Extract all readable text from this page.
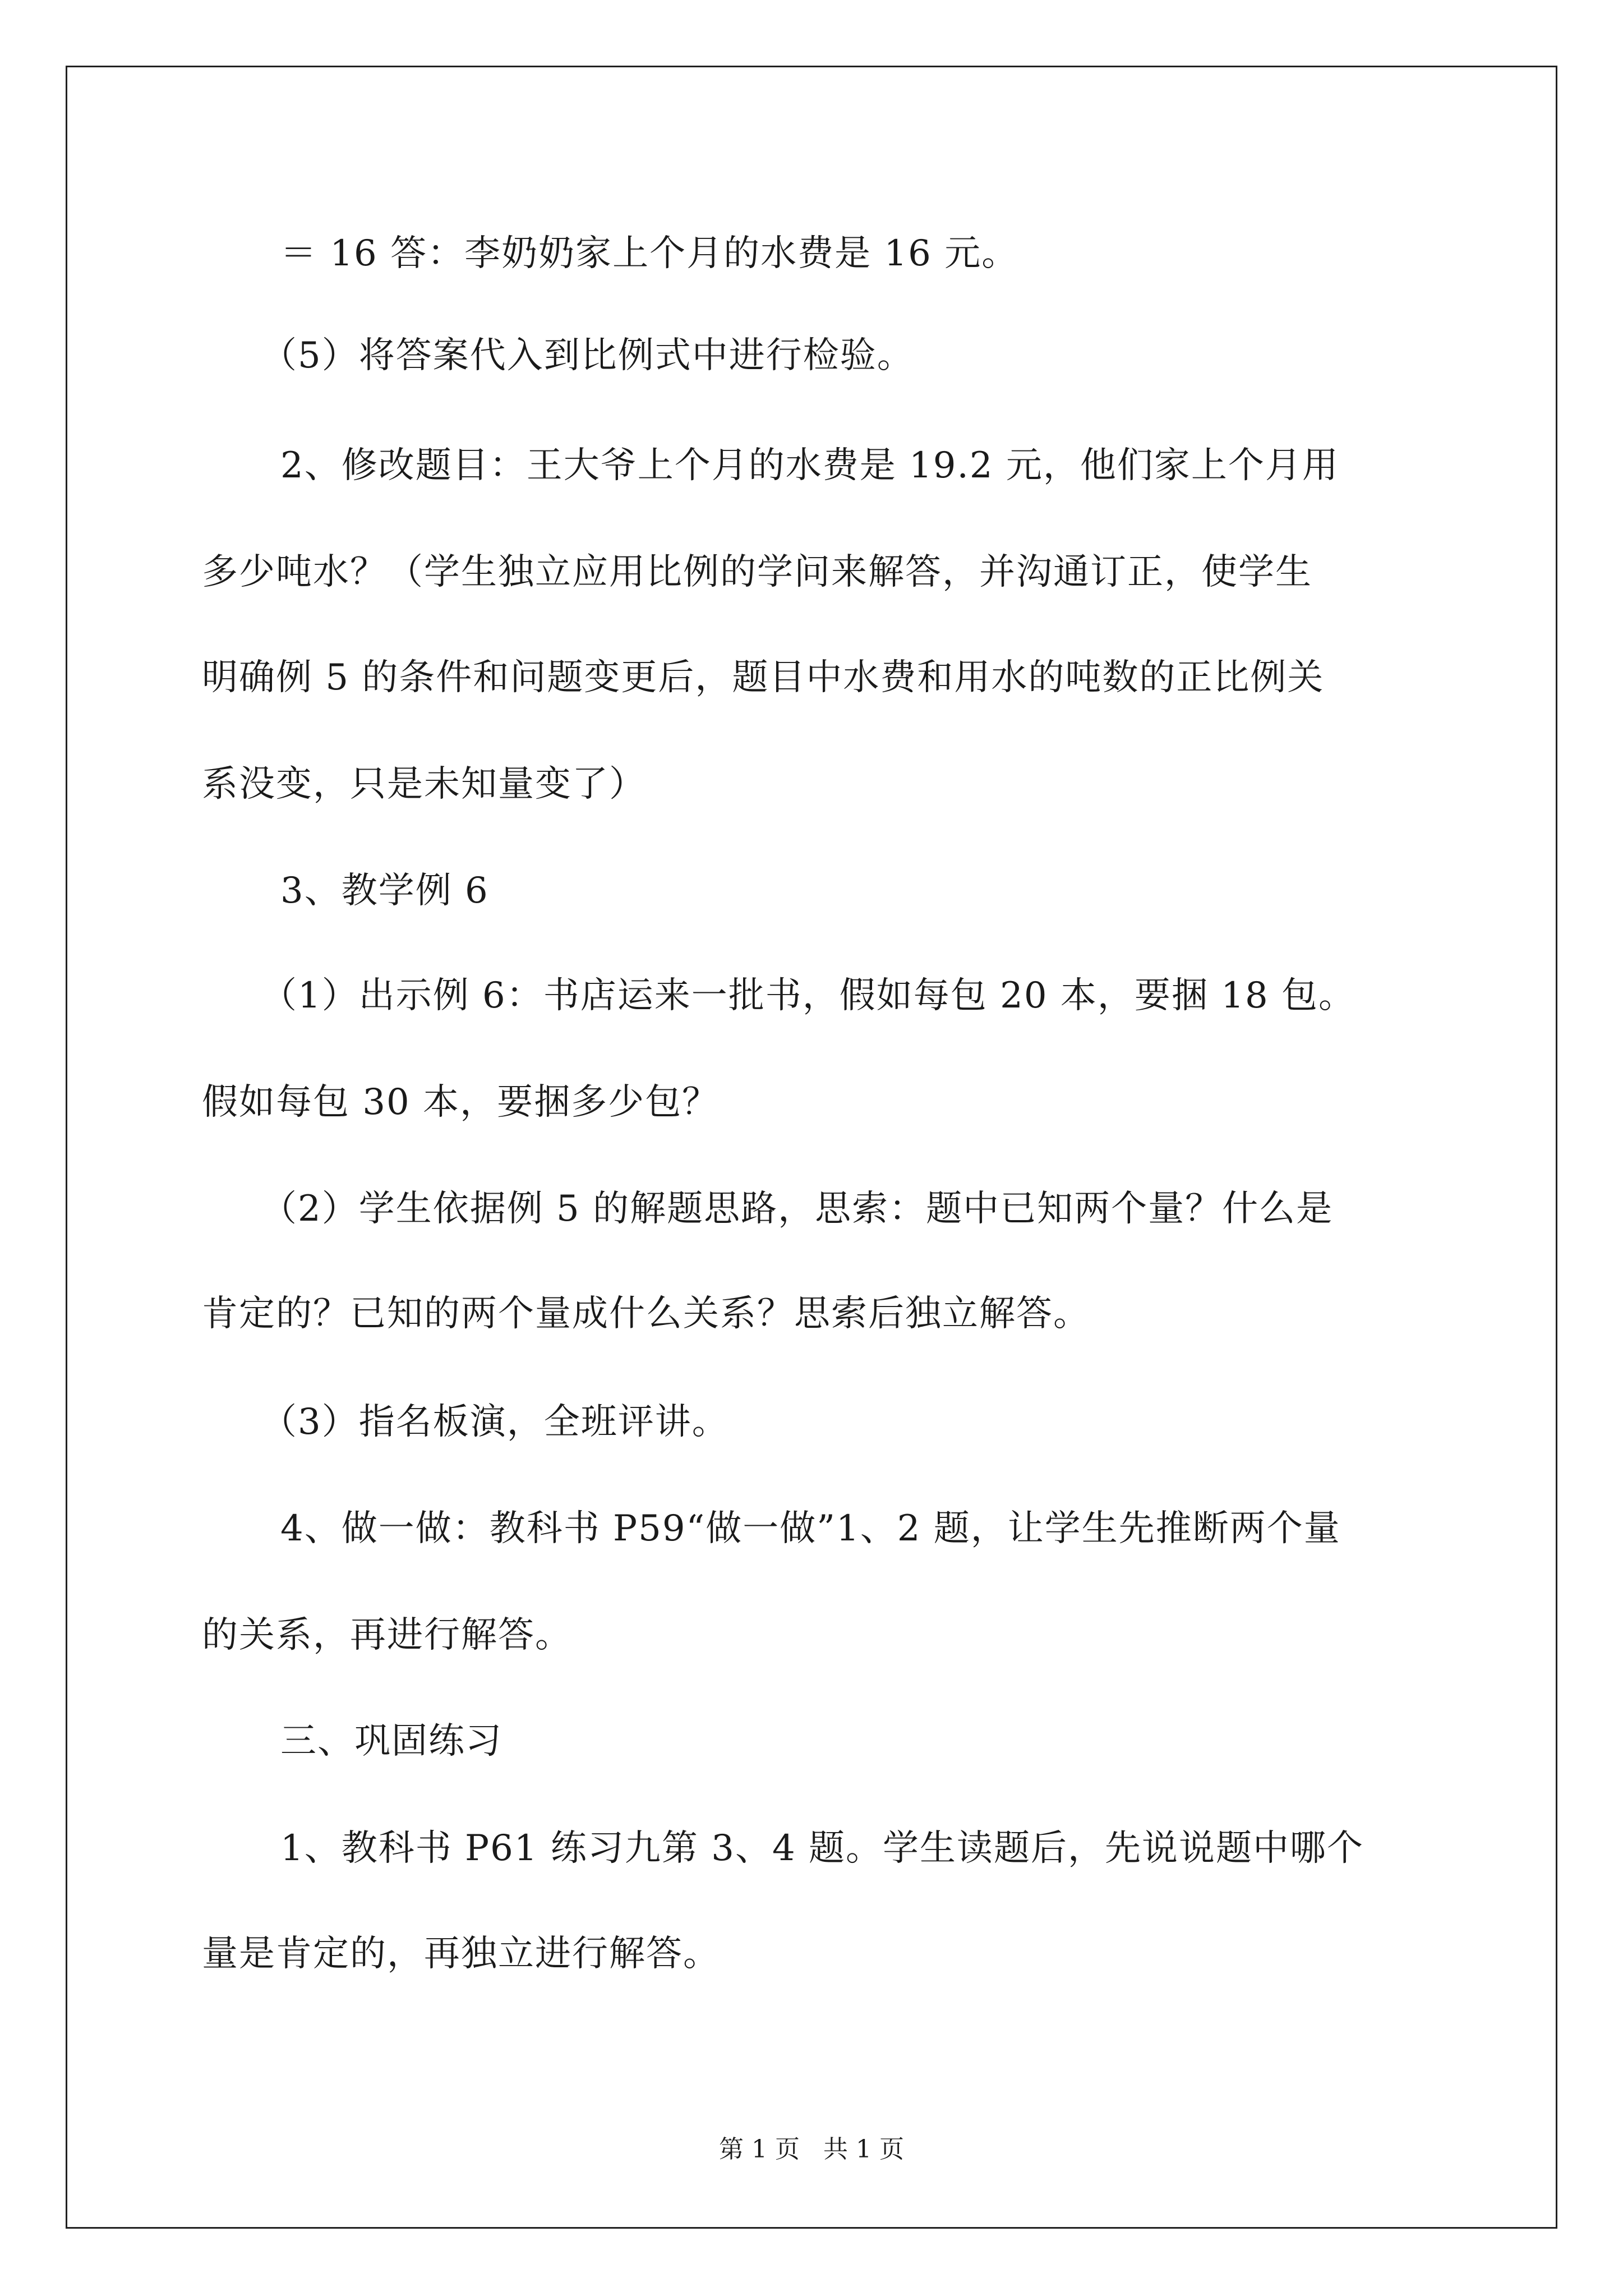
＝ 16 答：李奶奶家上个月的水费是 16 元。
（5）将答案代入到比例式中进行检验。
2、修改题目：王大爷上个月的水费是 19.2 元，他们家上个月用
多少吨水？（学生独立应用比例的学问来解答，并沟通订正，使学生
明确例 5 的条件和问题变更后，题目中水费和用水的吨数的正比例关
系没变，只是未知量变了）
3、教学例 6
（1）出示例 6：书店运来一批书，假如每包 20 本，要捆 18 包。
假如每包 30 本，要捆多少包？
（2）学生依据例 5 的解题思路，思索：题中已知两个量？什么是
肯定的？已知的两个量成什么关系？思索后独立解答。
（3）指名板演，全班评讲。
4、做一做：教科书 P59“做一做”1、2 题，让学生先推断两个量
的关系，再进行解答。
三、巩固练习
1、教科书 P61 练习九第 3、4 题。学生读题后，先说说题中哪个
量是肯定的，再独立进行解答。
第 1 页   共 1 页
